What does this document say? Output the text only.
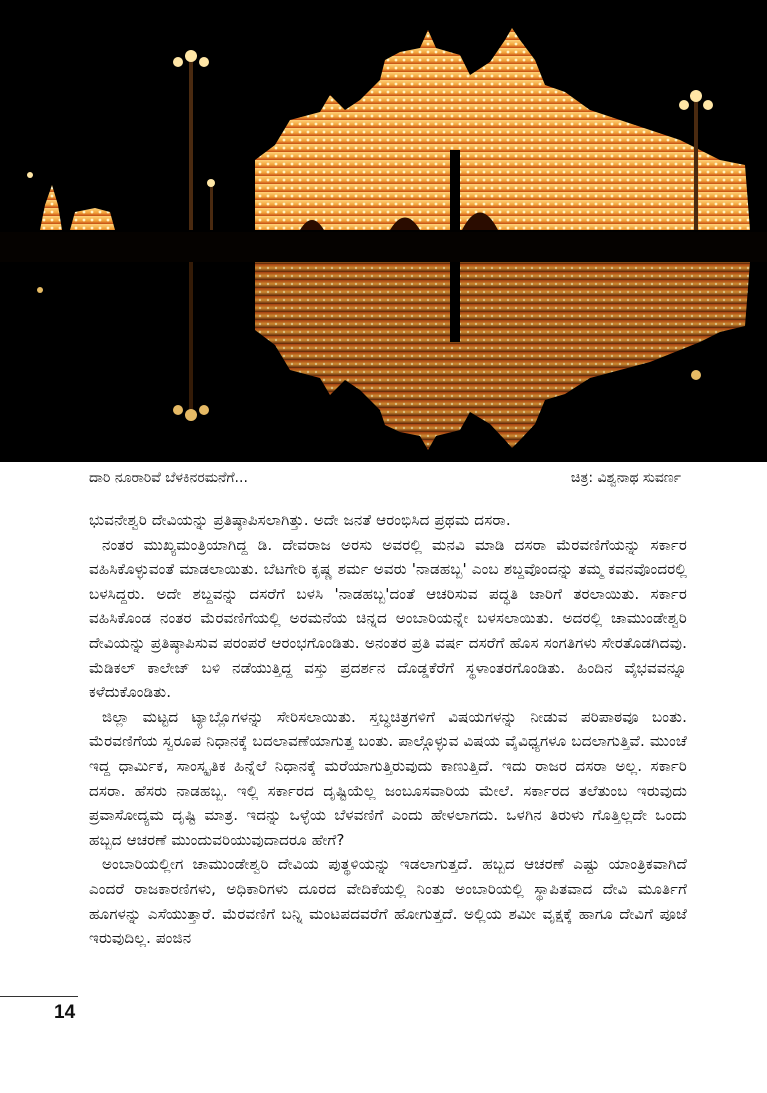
ದಾರಿ ನೂರಾರಿವೆ ಬೆಳಕಿನರಮನೆಗೆ...	ಚಿತ್ರ: ವಿಶ್ವನಾಥ ಸುವರ್ಣ

ಭುವನೇಶ್ವರಿ ದೇವಿಯನ್ನು ಪ್ರತಿಷ್ಠಾಪಿಸಲಾಗಿತ್ತು. ಅದೇ ಜನತೆ ಆರಂಭಿಸಿದ ಪ್ರಥಮ ದಸರಾ.

ನಂತರ ಮುಖ್ಯಮಂತ್ರಿಯಾಗಿದ್ದ ಡಿ. ದೇವರಾಜ ಅರಸು ಅವರಲ್ಲಿ ಮನವಿ ಮಾಡಿ ದಸರಾ ಮೆರವಣಿಗೆಯನ್ನು ಸರ್ಕಾರ ವಹಿಸಿಕೊಳ್ಳುವಂತೆ ಮಾಡಲಾಯಿತು. ಬೆಟಗೇರಿ ಕೃಷ್ಣ ಶರ್ಮ ಅವರು 'ನಾಡಹಬ್ಬ' ಎಂಬ ಶಬ್ದವೊಂದನ್ನು ತಮ್ಮ ಕವನವೊಂದರಲ್ಲಿ ಬಳಸಿದ್ದರು. ಅದೇ ಶಬ್ದವನ್ನು ದಸರೆಗೆ ಬಳಸಿ 'ನಾಡಹಬ್ಬ'ದಂತೆ ಆಚರಿಸುವ ಪದ್ಧತಿ ಜಾರಿಗೆ ತರಲಾಯಿತು. ಸರ್ಕಾರ ವಹಿಸಿಕೊಂಡ ನಂತರ ಮೆರವಣಿಗೆಯಲ್ಲಿ ಅರಮನೆಯ ಚಿನ್ನದ ಅಂಬಾರಿಯನ್ನೇ ಬಳಸಲಾಯಿತು. ಅದರಲ್ಲಿ ಚಾಮುಂಡೇಶ್ವರಿ ದೇವಿಯನ್ನು ಪ್ರತಿಷ್ಠಾಪಿಸುವ ಪರಂಪರೆ ಆರಂಭಗೊಂಡಿತು. ಅನಂತರ ಪ್ರತಿ ವರ್ಷ ದಸರೆಗೆ ಹೊಸ ಸಂಗತಿಗಳು ಸೇರತೊಡಗಿದವು. ಮೆಡಿಕಲ್ ಕಾಲೇಜ್ ಬಳಿ ನಡೆಯುತ್ತಿದ್ದ ವಸ್ತು ಪ್ರದರ್ಶನ ದೊಡ್ಡಕೆರೆಗೆ ಸ್ಥಳಾಂತರಗೊಂಡಿತು. ಹಿಂದಿನ ವೈಭವವನ್ನೂ ಕಳೆದುಕೊಂಡಿತು.

ಜಿಲ್ಲಾ ಮಟ್ಟದ ಟ್ಯಾಬ್ಲೊಗಳನ್ನು ಸೇರಿಸಲಾಯಿತು. ಸ್ತಬ್ಧಚಿತ್ರಗಳಿಗೆ ವಿಷಯಗಳನ್ನು ನೀಡುವ ಪರಿಪಾಠವೂ ಬಂತು. ಮೆರವಣಿಗೆಯ ಸ್ವರೂಪ ನಿಧಾನಕ್ಕೆ ಬದಲಾವಣೆಯಾಗುತ್ತ ಬಂತು. ಪಾಲ್ಗೊಳ್ಳುವ ವಿಷಯ ವೈವಿಧ್ಯಗಳೂ ಬದಲಾಗುತ್ತಿವೆ. ಮುಂಚೆ ಇದ್ದ ಧಾರ್ಮಿಕ, ಸಾಂಸ್ಕೃತಿಕ ಹಿನ್ನೆಲೆ ನಿಧಾನಕ್ಕೆ ಮರೆಯಾಗುತ್ತಿರುವುದು ಕಾಣುತ್ತಿದೆ. ಇದು ರಾಜರ ದಸರಾ ಅಲ್ಲ. ಸರ್ಕಾರಿ ದಸರಾ. ಹೆಸರು ನಾಡಹಬ್ಬ. ಇಲ್ಲಿ ಸರ್ಕಾರದ ದೃಷ್ಟಿಯೆಲ್ಲ ಜಂಬೂಸವಾರಿಯ ಮೇಲೆ. ಸರ್ಕಾರದ ತಲೆತುಂಬ ಇರುವುದು ಪ್ರವಾಸೋದ್ಯಮ ದೃಷ್ಟಿ ಮಾತ್ರ. ಇದನ್ನು ಒಳ್ಳೆಯ ಬೆಳವಣಿಗೆ ಎಂದು ಹೇಳಲಾಗದು. ಒಳಗಿನ ತಿರುಳು ಗೊತ್ತಿಲ್ಲದೇ ಒಂದು ಹಬ್ಬದ ಆಚರಣೆ ಮುಂದುವರಿಯುವುದಾದರೂ ಹೇಗೆ?

ಅಂಬಾರಿಯಲ್ಲೀಗ ಚಾಮುಂಡೇಶ್ವರಿ ದೇವಿಯ ಪುತ್ಥಳಿಯನ್ನು ಇಡಲಾಗುತ್ತದೆ. ಹಬ್ಬದ ಆಚರಣೆ ಎಷ್ಟು ಯಾಂತ್ರಿಕವಾಗಿದೆ ಎಂದರೆ ರಾಜಕಾರಣಿಗಳು, ಅಧಿಕಾರಿಗಳು ದೂರದ ವೇದಿಕೆಯಲ್ಲಿ ನಿಂತು ಅಂಬಾರಿಯಲ್ಲಿ ಸ್ಥಾಪಿತವಾದ ದೇವಿ ಮೂರ್ತಿಗೆ ಹೂಗಳನ್ನು ಎಸೆಯುತ್ತಾರೆ. ಮೆರವಣಿಗೆ ಬನ್ನಿ ಮಂಟಪದವರೆಗೆ ಹೋಗುತ್ತದೆ. ಅಲ್ಲಿಯ ಶಮೀ ವೃಕ್ಷಕ್ಕೆ ಹಾಗೂ ದೇವಿಗೆ ಪೂಜೆ ಇರುವುದಿಲ್ಲ. ಪಂಜಿನ

14
